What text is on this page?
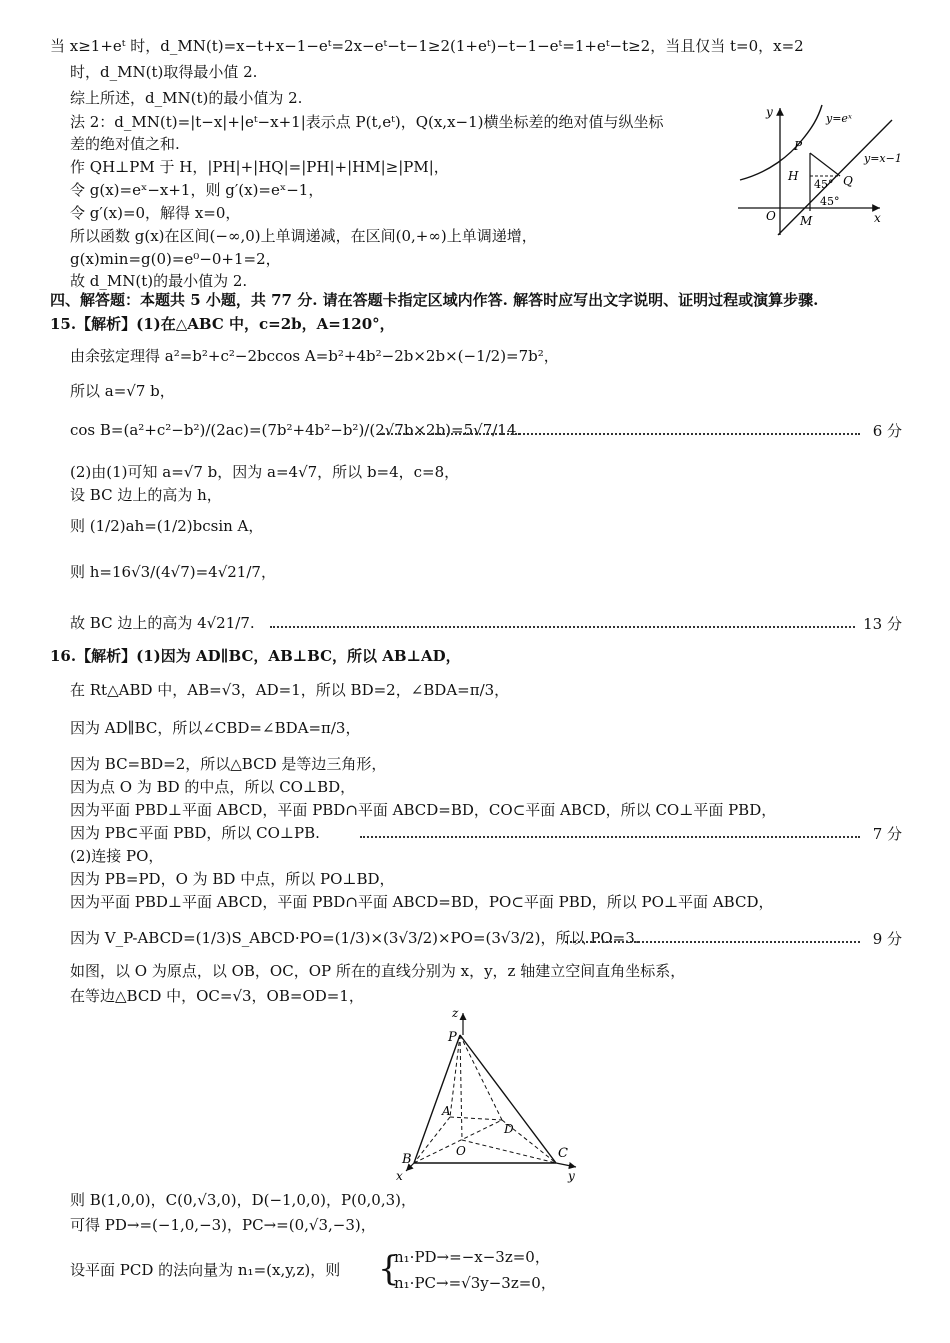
当 x≥1+eᵗ 时，d_MN(t)=x−t+x−1−eᵗ=2x−eᵗ−t−1≥2(1+eᵗ)−t−1−eᵗ=1+eᵗ−t≥2，当且仅当 t=0，x=2
时，d_MN(t)取得最小值 2.
综上所述，d_MN(t)的最小值为 2.
法 2：d_MN(t)=|t−x|+|eᵗ−x+1|表示点 P(t,eᵗ)，Q(x,x−1)横坐标差的绝对值与纵坐标
差的绝对值之和.
作 QH⊥PM 于 H，|PH|+|HQ|=|PH|+|HM|≥|PM|，
令 g(x)=eˣ−x+1，则 g′(x)=eˣ−1，
令 g′(x)=0，解得 x=0，
所以函数 g(x)在区间(−∞,0)上单调递减，在区间(0,+∞)上单调递增，
g(x)min=g(0)=e⁰−0+1=2，
故 d_MN(t)的最小值为 2.
y
x
y=eˣ
y=x−1
P
H	Q
O M
45°
45°
四、解答题：本题共 5 小题，共 77 分. 请在答题卡指定区域内作答. 解答时应写出文字说明、证明过程或演算步骤.
15.【解析】(1)在△ABC 中，c=2b，A=120°，
由余弦定理得 a²=b²+c²−2bccos A=b²+4b²−2b×2b×(−1/2)=7b²，
所以 a=√7 b，
cos B=(a²+c²−b²)/(2ac)=(7b²+4b²−b²)/(2√7b×2b)=5√7/14.	6 分
(2)由(1)可知 a=√7 b，因为 a=4√7，所以 b=4，c=8，
设 BC 边上的高为 h，
则 (1/2)ah=(1/2)bcsin A，
则 h=16√3/(4√7)=4√21/7，
故 BC 边上的高为 4√21/7.	13 分
16.【解析】(1)因为 AD∥BC，AB⊥BC，所以 AB⊥AD，
在 Rt△ABD 中，AB=√3，AD=1，所以 BD=2，∠BDA=π/3，
因为 AD∥BC，所以∠CBD=∠BDA=π/3，
因为 BC=BD=2，所以△BCD 是等边三角形，
因为点 O 为 BD 的中点，所以 CO⊥BD，
因为平面 PBD⊥平面 ABCD，平面 PBD∩平面 ABCD=BD，CO⊂平面 ABCD，所以 CO⊥平面 PBD，
因为 PB⊂平面 PBD，所以 CO⊥PB.	7 分
(2)连接 PO，
因为 PB=PD，O 为 BD 中点，所以 PO⊥BD，
因为平面 PBD⊥平面 ABCD，平面 PBD∩平面 ABCD=BD，PO⊂平面 PBD，所以 PO⊥平面 ABCD，
因为 V_P-ABCD=(1/3)S_ABCD·PO=(1/3)×(3√3/2)×PO=(3√3/2)，所以 PO=3.	9 分
如图，以 O 为原点，以 OB，OC，OP 所在的直线分别为 x，y，z 轴建立空间直角坐标系，
在等边△BCD 中，OC=√3，OB=OD=1，
z
P
A
D
O
B	C
x	y
则 B(1,0,0)，C(0,√3,0)，D(−1,0,0)，P(0,0,3)，
可得 PD→=(−1,0,−3)，PC→=(0,√3,−3)，
设平面 PCD 的法向量为 n₁=(x,y,z)，则 {
n₁·PD→=−x−3z=0，
n₁·PC→=√3y−3z=0，
